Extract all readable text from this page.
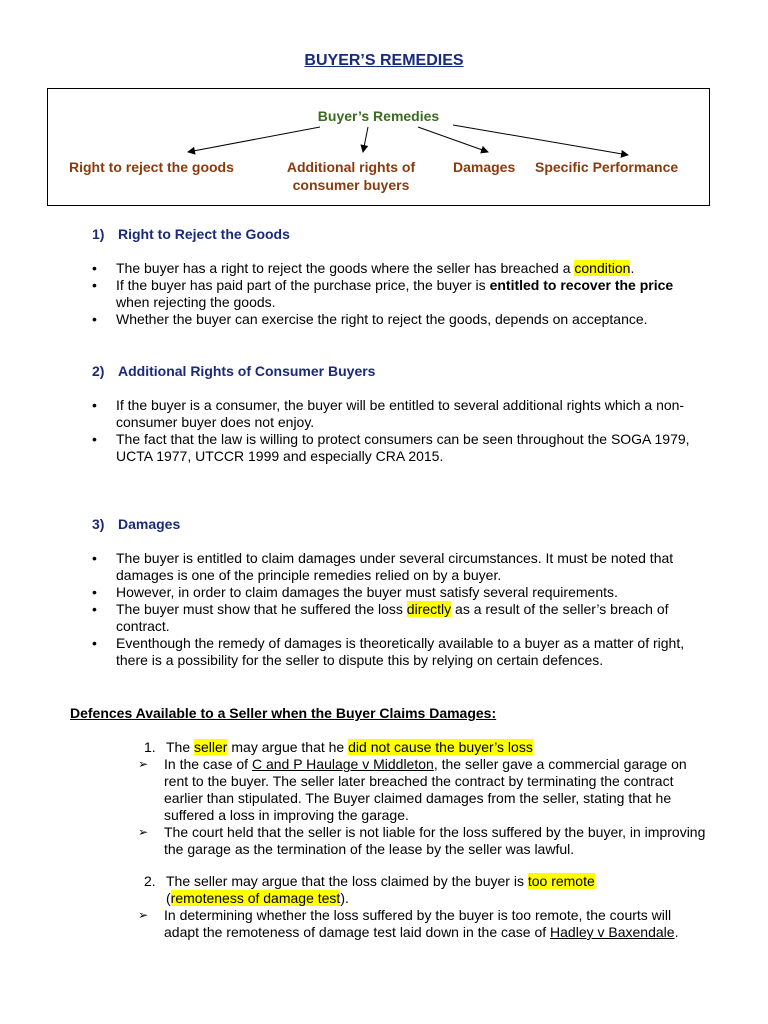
BUYER’S REMEDIES
Buyer’s Remedies
Right to reject the goods	Additional rights of
consumer buyers
Damages Specific Performance
1) Right to Reject the Goods
• The buyer has a right to reject the goods where the seller has breached a condition.
• If the buyer has paid part of the purchase price, the buyer is entitled to recover the price when rejecting the goods.
• Whether the buyer can exercise the right to reject the goods, depends on acceptance.
2) Additional Rights of Consumer Buyers
• If the buyer is a consumer, the buyer will be entitled to several additional rights which a non-consumer buyer does not enjoy.
• The fact that the law is willing to protect consumers can be seen throughout the SOGA 1979, UCTA 1977, UTCCR 1999 and especially CRA 2015.
3) Damages
• The buyer is entitled to claim damages under several circumstances. It must be noted that damages is one of the principle remedies relied on by a buyer.
• However, in order to claim damages the buyer must satisfy several requirements.
• The buyer must show that he suffered the loss directly as a result of the seller’s breach of contract.
• Eventhough the remedy of damages is theoretically available to a buyer as a matter of right, there is a possibility for the seller to dispute this by relying on certain defences.
Defences Available to a Seller when the Buyer Claims Damages:
1. The seller may argue that he did not cause the buyer’s loss
➢ In the case of C and P Haulage v Middleton, the seller gave a commercial garage on rent to the buyer. The seller later breached the contract by terminating the contract earlier than stipulated. The Buyer claimed damages from the seller, stating that he suffered a loss in improving the garage.
➢ The court held that the seller is not liable for the loss suffered by the buyer, in improving the garage as the termination of the lease by the seller was lawful.
2. The seller may argue that the loss claimed by the buyer is too remote
(remoteness of damage test).
➢ In determining whether the loss suffered by the buyer is too remote, the courts will adapt the remoteness of damage test laid down in the case of Hadley v Baxendale.
